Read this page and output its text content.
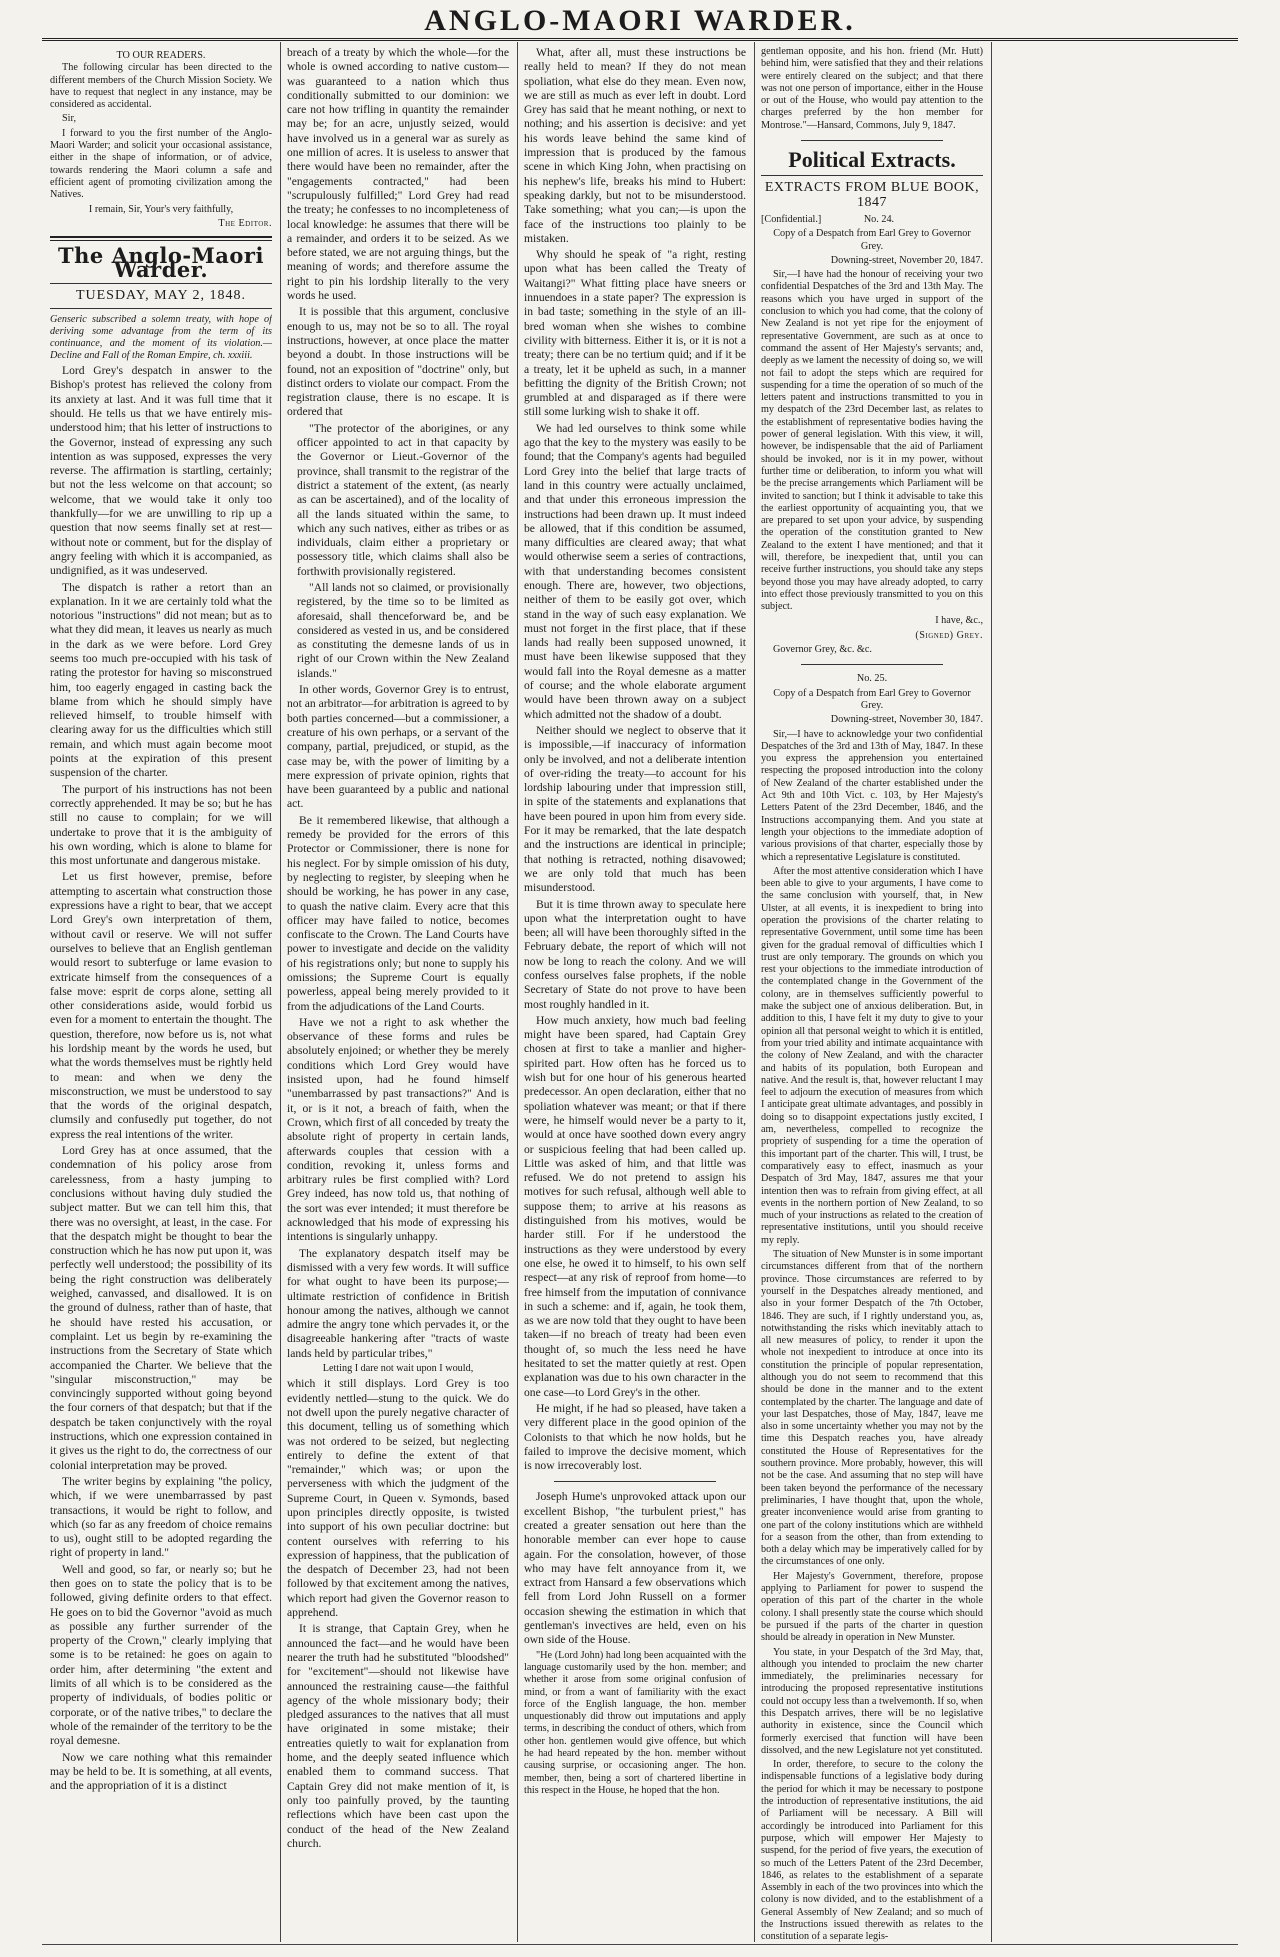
ANGLO-MAORI WARDER.
TO OUR READERS.

The following circular has been directed to the different members of the Church Mission Society. We have to request that neglect in any instance, may be considered as accidental.

Sir,

I forward to you the first number of the Anglo-Maori Warder; and solicit your occasional assistance, either in the shape of information, or of advice, towards rendering the Maori column a safe and efficient agent of promoting civilization among the Natives.

I remain, Sir, Your's very faithfully,

The Editor.

The Anglo-Maori Warder.
TUESDAY, MAY 2, 1848.

Genseric subscribed a solemn treaty, with hope of deriving some advantage from the term of its continuance, and the moment of its violation.—Decline and Fall of the Roman Empire, ch. xxxiii.

Lord Grey's despatch in answer to the Bishop's protest has relieved the colony from its anxiety at last. And it was full time that it should. He tells us that we have entirely mis-understood him; that his letter of instructions to the Governor, instead of expressing any such intention as was supposed, expresses the very reverse. The affirmation is startling, certainly; but not the less welcome on that account; so welcome, that we would take it only too thankfully—for we are unwilling to rip up a question that now seems finally set at rest—without note or comment, but for the display of angry feeling with which it is accompanied, as undignified, as it was undeserved.

The dispatch is rather a retort than an explanation. In it we are certainly told what the notorious "instructions" did not mean; but as to what they did mean, it leaves us nearly as much in the dark as we were before. Lord Grey seems too much pre-occupied with his task of rating the protestor for having so misconstrued him, too eagerly engaged in casting back the blame from which he should simply have relieved himself, to trouble himself with clearing away for us the difficulties which still remain, and which must again become moot points at the expiration of this present suspension of the charter.

The purport of his instructions has not been correctly apprehended. It may be so; but he has still no cause to complain; for we will undertake to prove that it is the ambiguity of his own wording, which is alone to blame for this most unfortunate and dangerous mistake.

Let us first however, premise, before attempting to ascertain what construction those expressions have a right to bear, that we accept Lord Grey's own interpretation of them, without cavil or reserve. We will not suffer ourselves to believe that an English gentleman would resort to subterfuge or lame evasion to extricate himself from the consequences of a false move: esprit de corps alone, setting all other considerations aside, would forbid us even for a moment to entertain the thought. The question, therefore, now before us is, not what his lordship meant by the words he used, but what the words themselves must be rightly held to mean: and when we deny the misconstruction, we must be understood to say that the words of the original despatch, clumsily and confusedly put together, do not express the real intentions of the writer.

Lord Grey has at once assumed, that the condemnation of his policy arose from carelessness, from a hasty jumping to conclusions without having duly studied the subject matter. But we can tell him this, that there was no oversight, at least, in the case. For that the despatch might be thought to bear the construction which he has now put upon it, was perfectly well understood; the possibility of its being the right construction was deliberately weighed, canvassed, and disallowed. It is on the ground of dulness, rather than of haste, that he should have rested his accusation, or complaint. Let us begin by re-examining the instructions from the Secretary of State which accompanied the Charter. We believe that the "singular misconstruction," may be convincingly supported without going beyond the four corners of that despatch; but that if the despatch be taken conjunctively with the royal instructions, which one expression contained in it gives us the right to do, the correctness of our colonial interpretation may be proved.

The writer begins by explaining "the policy, which, if we were unembarrassed by past transactions, it would be right to follow, and which (so far as any freedom of choice remains to us), ought still to be adopted regarding the right of property in land."

Well and good, so far, or nearly so; but he then goes on to state the policy that is to be followed, giving definite orders to that effect. He goes on to bid the Governor "avoid as much as possible any further surrender of the property of the Crown," clearly implying that some is to be retained: he goes on again to order him, after determining "the extent and limits of all which is to be considered as the property of individuals, of bodies politic or corporate, or of the native tribes," to declare the whole of the remainder of the territory to be the royal demesne.

Now we care nothing what this remainder may be held to be. It is something, at all events, and the appropriation of it is a distinct

breach of a treaty by which the whole—for the whole is owned according to native custom—was guaranteed to a nation which thus conditionally submitted to our dominion: we care not how trifling in quantity the remainder may be; for an acre, unjustly seized, would have involved us in a general war as surely as one million of acres. It is useless to answer that there would have been no remainder, after the "engagements contracted," had been "scrupulously fulfilled;" Lord Grey had read the treaty; he confesses to no incompleteness of local knowledge: he assumes that there will be a remainder, and orders it to be seized. As we before stated, we are not arguing things, but the meaning of words; and therefore assume the right to pin his lordship literally to the very words he used.

It is possible that this argument, conclusive enough to us, may not be so to all. The royal instructions, however, at once place the matter beyond a doubt. In those instructions will be found, not an exposition of "doctrine" only, but distinct orders to violate our compact. From the registration clause, there is no escape. It is ordered that

"The protector of the aborigines, or any officer appointed to act in that capacity by the Governor or Lieut.-Governor of the province, shall transmit to the registrar of the district a statement of the extent, (as nearly as can be ascertained), and of the locality of all the lands situated within the same, to which any such natives, either as tribes or as individuals, claim either a proprietary or possessory title, which claims shall also be forthwith provisionally registered.

"All lands not so claimed, or provisionally registered, by the time so to be limited as aforesaid, shall thenceforward be, and be considered as vested in us, and be considered as constituting the demesne lands of us in right of our Crown within the New Zealand islands."

In other words, Governor Grey is to entrust, not an arbitrator—for arbitration is agreed to by both parties concerned—but a commissioner, a creature of his own perhaps, or a servant of the company, partial, prejudiced, or stupid, as the case may be, with the power of limiting by a mere expression of private opinion, rights that have been guaranteed by a public and national act.

Be it remembered likewise, that although a remedy be provided for the errors of this Protector or Commissioner, there is none for his neglect. For by simple omission of his duty, by neglecting to register, by sleeping when he should be working, he has power in any case, to quash the native claim. Every acre that this officer may have failed to notice, becomes confiscate to the Crown. The Land Courts have power to investigate and decide on the validity of his registrations only; but none to supply his omissions; the Supreme Court is equally powerless, appeal being merely provided to it from the adjudications of the Land Courts.

Have we not a right to ask whether the observance of these forms and rules be absolutely enjoined; or whether they be merely conditions which Lord Grey would have insisted upon, had he found himself "unembarrassed by past transactions?" And is it, or is it not, a breach of faith, when the Crown, which first of all conceded by treaty the absolute right of property in certain lands, afterwards couples that cession with a condition, revoking it, unless forms and arbitrary rules be first complied with? Lord Grey indeed, has now told us, that nothing of the sort was ever intended; it must therefore be acknowledged that his mode of expressing his intentions is singularly unhappy.

The explanatory despatch itself may be dismissed with a very few words. It will suffice for what ought to have been its purpose;—ultimate restriction of confidence in British honour among the natives, although we cannot admire the angry tone which pervades it, or the disagreeable hankering after "tracts of waste lands held by particular tribes,"

Letting I dare not wait upon I would,

which it still displays. Lord Grey is too evidently nettled—stung to the quick. We do not dwell upon the purely negative character of this document, telling us of something which was not ordered to be seized, but neglecting entirely to define the extent of that "remainder," which was; or upon the perverseness with which the judgment of the Supreme Court, in Queen v. Symonds, based upon principles directly opposite, is twisted into support of his own peculiar doctrine: but content ourselves with referring to his expression of happiness, that the publication of the despatch of December 23, had not been followed by that excitement among the natives, which report had given the Governor reason to apprehend.

It is strange, that Captain Grey, when he announced the fact—and he would have been nearer the truth had he substituted "bloodshed" for "excitement"—should not likewise have announced the restraining cause—the faithful agency of the whole missionary body; their pledged assurances to the natives that all must have originated in some mistake; their entreaties quietly to wait for explanation from home, and the deeply seated influence which enabled them to command success. That Captain Grey did not make mention of it, is only too painfully proved, by the taunting reflections which have been cast upon the conduct of the head of the New Zealand church.

What, after all, must these instructions be really held to mean? If they do not mean spoliation, what else do they mean. Even now, we are still as much as ever left in doubt. Lord Grey has said that he meant nothing, or next to nothing; and his assertion is decisive: and yet his words leave behind the same kind of impression that is produced by the famous scene in which King John, when practising on his nephew's life, breaks his mind to Hubert: speaking darkly, but not to be misunderstood. Take something; what you can;—is upon the face of the instructions too plainly to be mistaken.

Why should he speak of "a right, resting upon what has been called the Treaty of Waitangi?" What fitting place have sneers or innuendoes in a state paper? The expression is in bad taste; something in the style of an ill-bred woman when she wishes to combine civility with bitterness. Either it is, or it is not a treaty; there can be no tertium quid; and if it be a treaty, let it be upheld as such, in a manner befitting the dignity of the British Crown; not grumbled at and disparaged as if there were still some lurking wish to shake it off.

We had led ourselves to think some while ago that the key to the mystery was easily to be found; that the Company's agents had beguiled Lord Grey into the belief that large tracts of land in this country were actually unclaimed, and that under this erroneous impression the instructions had been drawn up. It must indeed be allowed, that if this condition be assumed, many difficulties are cleared away; that what would otherwise seem a series of contractions, with that understanding becomes consistent enough. There are, however, two objections, neither of them to be easily got over, which stand in the way of such easy explanation. We must not forget in the first place, that if these lands had really been supposed unowned, it must have been likewise supposed that they would fall into the Royal demesne as a matter of course; and the whole elaborate argument would have been thrown away on a subject which admitted not the shadow of a doubt.

Neither should we neglect to observe that it is impossible,—if inaccuracy of information only be involved, and not a deliberate intention of over-riding the treaty—to account for his lordship labouring under that impression still, in spite of the statements and explanations that have been poured in upon him from every side. For it may be remarked, that the late despatch and the instructions are identical in principle; that nothing is retracted, nothing disavowed; we are only told that much has been misunderstood.

But it is time thrown away to speculate here upon what the interpretation ought to have been; all will have been thoroughly sifted in the February debate, the report of which will not now be long to reach the colony. And we will confess ourselves false prophets, if the noble Secretary of State do not prove to have been most roughly handled in it.

How much anxiety, how much bad feeling might have been spared, had Captain Grey chosen at first to take a manlier and higher-spirited part. How often has he forced us to wish but for one hour of his generous hearted predecessor. An open declaration, either that no spoliation whatever was meant; or that if there were, he himself would never be a party to it, would at once have soothed down every angry or suspicious feeling that had been called up. Little was asked of him, and that little was refused. We do not pretend to assign his motives for such refusal, although well able to suppose them; to arrive at his reasons as distinguished from his motives, would be harder still. For if he understood the instructions as they were understood by every one else, he owed it to himself, to his own self respect—at any risk of reproof from home—to free himself from the imputation of connivance in such a scheme: and if, again, he took them, as we are now told that they ought to have been taken—if no breach of treaty had been even thought of, so much the less need he have hesitated to set the matter quietly at rest. Open explanation was due to his own character in the one case—to Lord Grey's in the other.

He might, if he had so pleased, have taken a very different place in the good opinion of the Colonists to that which he now holds, but he failed to improve the decisive moment, which is now irrecoverably lost.

Joseph Hume's unprovoked attack upon our excellent Bishop, "the turbulent priest," has created a greater sensation out here than the honorable member can ever hope to cause again. For the consolation, however, of those who may have felt annoyance from it, we extract from Hansard a few observations which fell from Lord John Russell on a former occasion shewing the estimation in which that gentleman's invectives are held, even on his own side of the House.

"He (Lord John) had long been acquainted with the language customarily used by the hon. member; and whether it arose from some original confusion of mind, or from a want of familiarity with the exact force of the English language, the hon. member unquestionably did throw out imputations and apply terms, in describing the conduct of others, which from other hon. gentlemen would give offence, but which he had heard repeated by the hon. member without causing surprise, or occasioning anger. The hon. member, then, being a sort of chartered libertine in this respect in the House, he hoped that the hon.

gentleman opposite, and his hon. friend (Mr. Hutt) behind him, were satisfied that they and their relations were entirely cleared on the subject; and that there was not one person of importance, either in the House or out of the House, who would pay attention to the charges preferred by the hon member for Montrose."—Hansard, Commons, July 9, 1847.

Political Extracts.
EXTRACTS FROM BLUE BOOK, 1847

[Confidential.]	No. 24.

Copy of a Despatch from Earl Grey to Governor Grey.

Downing-street, November 20, 1847.

Sir,—I have had the honour of receiving your two confidential Despatches of the 3rd and 13th May. The reasons which you have urged in support of the conclusion to which you had come, that the colony of New Zealand is not yet ripe for the enjoyment of representative Government, are such as at once to command the assent of Her Majesty's servants; and, deeply as we lament the necessity of doing so, we will not fail to adopt the steps which are required for suspending for a time the operation of so much of the letters patent and instructions transmitted to you in my despatch of the 23rd December last, as relates to the establishment of representative bodies having the power of general legislation. With this view, it will, however, be indispensable that the aid of Parliament should be invoked, nor is it in my power, without further time or deliberation, to inform you what will be the precise arrangements which Parliament will be invited to sanction; but I think it advisable to take this the earliest opportunity of acquainting you, that we are prepared to set upon your advice, by suspending the operation of the constitution granted to New Zealand to the extent I have mentioned; and that it will, therefore, be inexpedient that, until you can receive further instructions, you should take any steps beyond those you may have already adopted, to carry into effect those previously transmitted to you on this subject.

I have, &c.,

(Signed) Grey.

Governor Grey, &c. &c.

No. 25.

Copy of a Despatch from Earl Grey to Governor Grey.

Downing-street, November 30, 1847.

Sir,—I have to acknowledge your two confidential Despatches of the 3rd and 13th of May, 1847. In these you express the apprehension you entertained respecting the proposed introduction into the colony of New Zealand of the charter established under the Act 9th and 10th Vict. c. 103, by Her Majesty's Letters Patent of the 23rd December, 1846, and the Instructions accompanying them. And you state at length your objections to the immediate adoption of various provisions of that charter, especially those by which a representative Legislature is constituted.

After the most attentive consideration which I have been able to give to your arguments, I have come to the same conclusion with yourself, that, in New Ulster, at all events, it is inexpedient to bring into operation the provisions of the charter relating to representative Government, until some time has been given for the gradual removal of difficulties which I trust are only temporary. The grounds on which you rest your objections to the immediate introduction of the contemplated change in the Government of the colony, are in themselves sufficiently powerful to make the subject one of anxious deliberation. But, in addition to this, I have felt it my duty to give to your opinion all that personal weight to which it is entitled, from your tried ability and intimate acquaintance with the colony of New Zealand, and with the character and habits of its population, both European and native. And the result is, that, however reluctant I may feel to adjourn the execution of measures from which I anticipate great ultimate advantages, and possibly in doing so to disappoint expectations justly excited, I am, nevertheless, compelled to recognize the propriety of suspending for a time the operation of this important part of the charter. This will, I trust, be comparatively easy to effect, inasmuch as your Despatch of 3rd May, 1847, assures me that your intention then was to refrain from giving effect, at all events in the northern portion of New Zealand, to so much of your instructions as related to the creation of representative institutions, until you should receive my reply.

The situation of New Munster is in some important circumstances different from that of the northern province. Those circumstances are referred to by yourself in the Despatches already mentioned, and also in your former Despatch of the 7th October, 1846. They are such, if I rightly understand you, as, notwithstanding the risks which inevitably attach to all new measures of policy, to render it upon the whole not inexpedient to introduce at once into its constitution the principle of popular representation, although you do not seem to recommend that this should be done in the manner and to the extent contemplated by the charter. The language and date of your last Despatches, those of May, 1847, leave me also in some uncertainty whether you may not by the time this Despatch reaches you, have already constituted the House of Representatives for the southern province. More probably, however, this will not be the case. And assuming that no step will have been taken beyond the performance of the necessary preliminaries, I have thought that, upon the whole, greater inconvenience would arise from granting to one part of the colony institutions which are withheld for a season from the other, than from extending to both a delay which may be imperatively called for by the circumstances of one only.

Her Majesty's Government, therefore, propose applying to Parliament for power to suspend the operation of this part of the charter in the whole colony. I shall presently state the course which should be pursued if the parts of the charter in question should be already in operation in New Munster.

You state, in your Despatch of the 3rd May, that, although you intended to proclaim the new charter immediately, the preliminaries necessary for introducing the proposed representative institutions could not occupy less than a twelvemonth. If so, when this Despatch arrives, there will be no legislative authority in existence, since the Council which formerly exercised that function will have been dissolved, and the new Legislature not yet constituted.

In order, therefore, to secure to the colony the indispensable functions of a legislative body during the period for which it may be necessary to postpone the introduction of representative institutions, the aid of Parliament will be necessary. A Bill will accordingly be introduced into Parliament for this purpose, which will empower Her Majesty to suspend, for the period of five years, the execution of so much of the Letters Patent of the 23rd December, 1846, as relates to the establishment of a separate Assembly in each of the two provinces into which the colony is now divided, and to the establishment of a General Assembly of New Zealand; and so much of the Instructions issued therewith as relates to the constitution of a separate legis-
